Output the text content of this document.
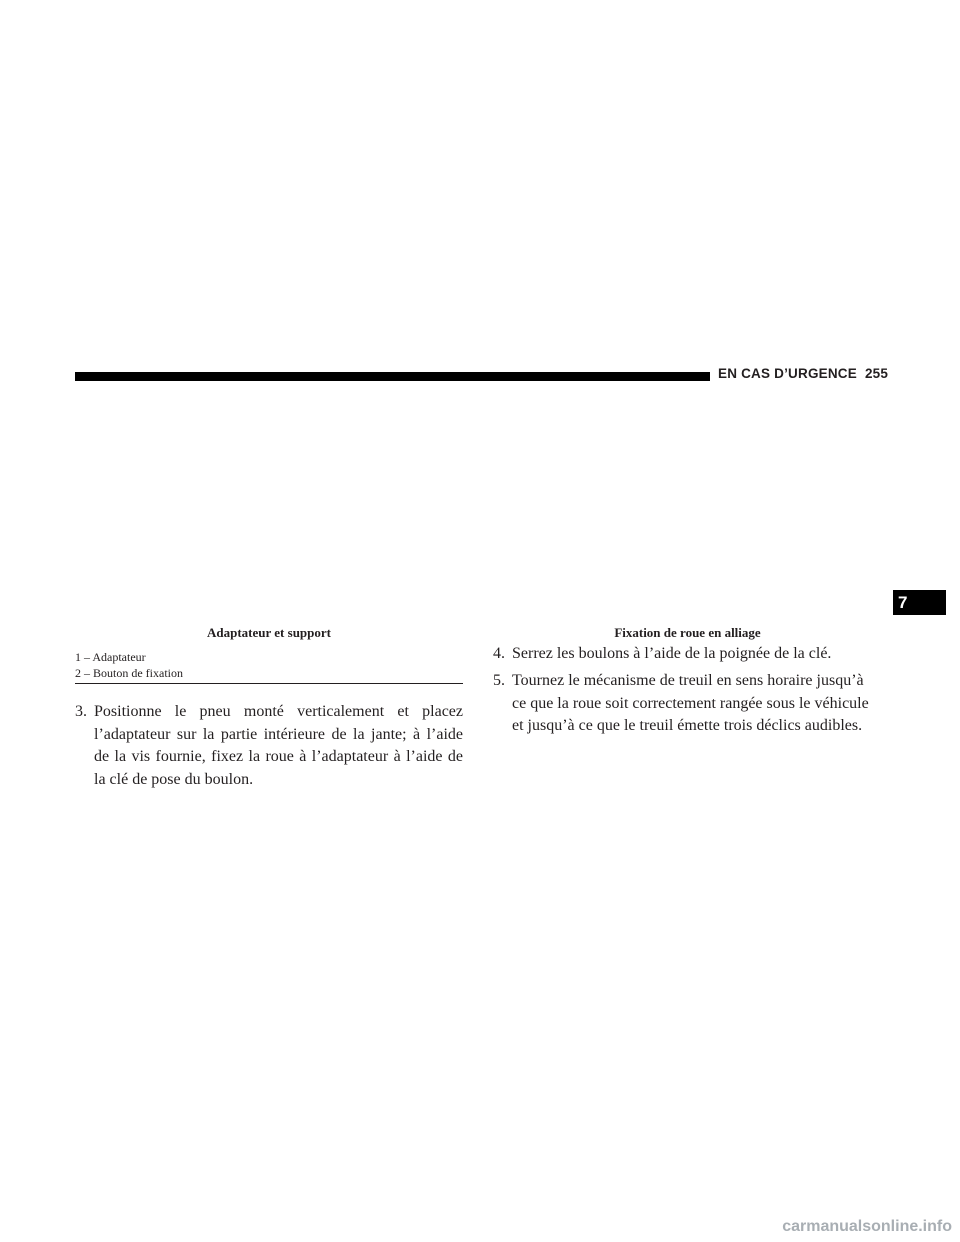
EN CAS D’URGENCE 255
7
Adaptateur et support	Fixation de roue en alliage
1 – Adaptateur
2 – Bouton de fixation
3. Positionne le pneu monté verticalement et placez
l’adaptateur sur la partie intérieure de la jante; à l’aide
de la vis fournie, fixez la roue à l’adaptateur à l’aide de
la clé de pose du boulon.
4. Serrez les boulons à l’aide de la poignée de la clé.
5. Tournez le mécanisme de treuil en sens horaire jusqu’à
ce que la roue soit correctement rangée sous le véhicule
et jusqu’à ce que le treuil émette trois déclics audibles.
carmanualsonline.info
